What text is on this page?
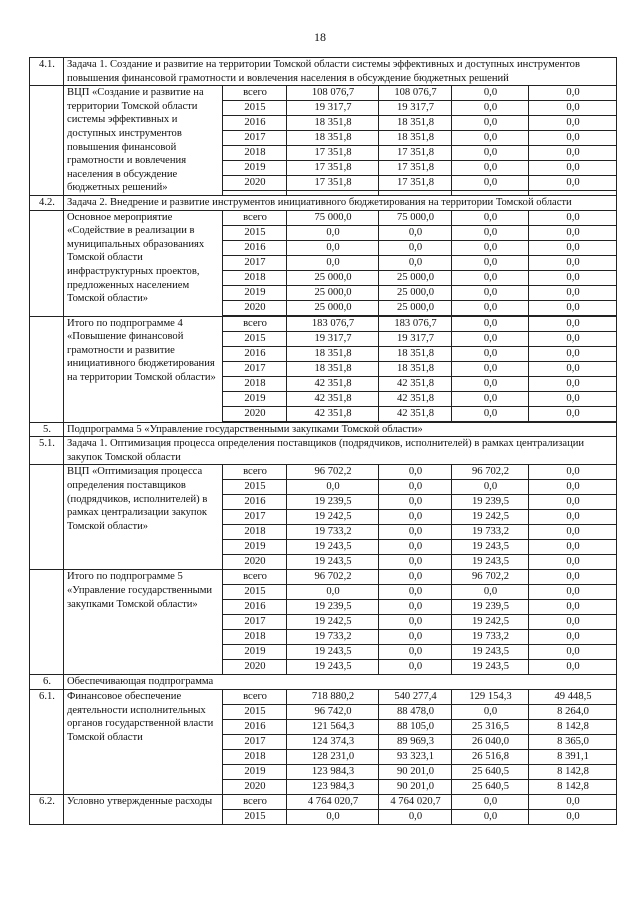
18
4.1.	Задача 1. Создание и развитие на территории Томской области системы эффективных и доступных инструментов повышения финансовой грамотности и вовлечения населения в обсуждение бюджетных решений					
	ВЦП «Создание и развитие на территории Томской области системы эффективных и доступных инструментов повышения финансовой грамотности и вовлечения населения в обсуждение бюджетных решений»	всего	108 076,7	108 076,7	0,0	0,0
		2015	19 317,7	19 317,7	0,0	0,0
		2016	18 351,8	18 351,8	0,0	0,0
		2017	18 351,8	18 351,8	0,0	0,0
		2018	17 351,8	17 351,8	0,0	0,0
		2019	17 351,8	17 351,8	0,0	0,0
		2020	17 351,8	17 351,8	0,0	0,0

4.2.	Задача 2. Внедрение и развитие инструментов инициативного бюджетирования на территории Томской области					
	Основное мероприятие «Содействие в реализации в муниципальных образованиях Томской области инфраструктурных проектов, предложенных населением Томской области»	всего	75 000,0	75 000,0	0,0	0,0
		2015	0,0	0,0	0,0	0,0
		2016	0,0	0,0	0,0	0,0
		2017	0,0	0,0	0,0	0,0
		2018	25 000,0	25 000,0	0,0	0,0
		2019	25 000,0	25 000,0	0,0	0,0
		2020	25 000,0	25 000,0	0,0	0,0

	Итого по подпрограмме 4 «Повышение финансовой грамотности и развитие инициативного бюджетирования на территории Томской области»	всего	183 076,7	183 076,7	0,0	0,0
		2015	19 317,7	19 317,7	0,0	0,0
		2016	18 351,8	18 351,8	0,0	0,0
		2017	18 351,8	18 351,8	0,0	0,0
		2018	42 351,8	42 351,8	0,0	0,0
		2019	42 351,8	42 351,8	0,0	0,0
		2020	42 351,8	42 351,8	0,0	0,0

5.	Подпрограмма 5 «Управление государственными закупками Томской области»					
5.1.	Задача 1. Оптимизация процесса определения поставщиков (подрядчиков, исполнителей) в рамках централизации закупок Томской области					
	ВЦП «Оптимизация процесса определения поставщиков (подрядчиков, исполнителей) в рамках централизации закупок Томской области»	всего	96 702,2	0,0	96 702,2	0,0
		2015	0,0	0,0	0,0	0,0
		2016	19 239,5	0,0	19 239,5	0,0
		2017	19 242,5	0,0	19 242,5	0,0
		2018	19 733,2	0,0	19 733,2	0,0
		2019	19 243,5	0,0	19 243,5	0,0
		2020	19 243,5	0,0	19 243,5	0,0
	Итого по подпрограмме 5 «Управление государственными закупками Томской области»	всего	96 702,2	0,0	96 702,2	0,0
		2015	0,0	0,0	0,0	0,0
		2016	19 239,5	0,0	19 239,5	0,0
		2017	19 242,5	0,0	19 242,5	0,0
		2018	19 733,2	0,0	19 733,2	0,0
		2019	19 243,5	0,0	19 243,5	0,0
		2020	19 243,5	0,0	19 243,5	0,0
6.	Обеспечивающая подпрограмма					
6.1.	Финансовое обеспечение деятельности исполнительных органов государственной власти Томской области	всего	718 880,2	540 277,4	129 154,3	49 448,5
		2015	96 742,0	88 478,0	0,0	8 264,0
		2016	121 564,3	88 105,0	25 316,5	8 142,8
		2017	124 374,3	89 969,3	26 040,0	8 365,0
		2018	128 231,0	93 323,1	26 516,8	8 391,1
		2019	123 984,3	90 201,0	25 640,5	8 142,8
		2020	123 984,3	90 201,0	25 640,5	8 142,8
6.2.	Условно утвержденные расходы	всего	4 764 020,7	4 764 020,7	0,0	0,0
		2015	0,0	0,0	0,0	0,0
